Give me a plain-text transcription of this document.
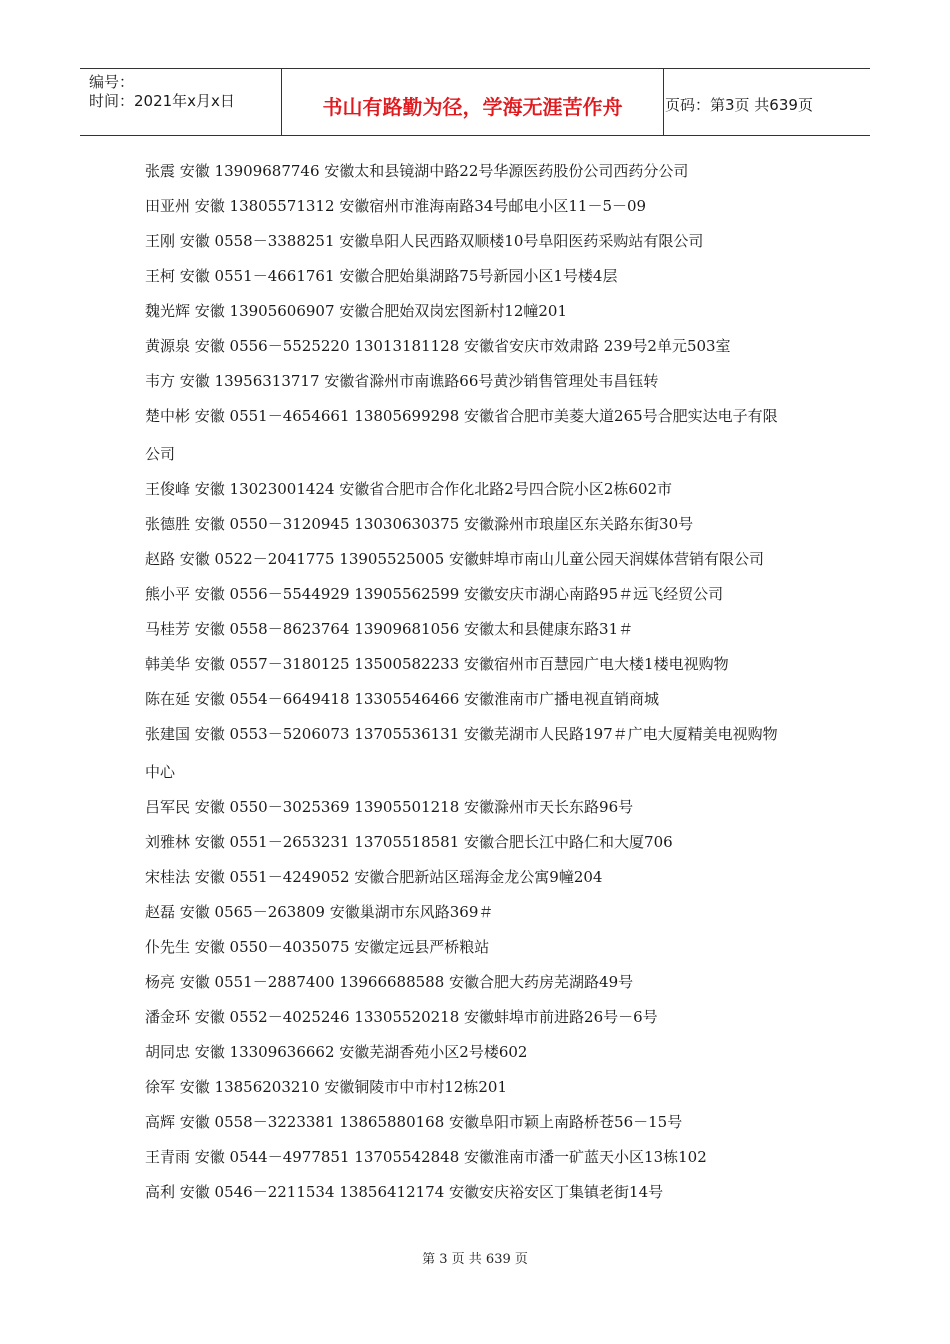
编号：
时间：2021年x月x日	书山有路勤为径，学海无涯苦作舟	页码：第3页 共639页
张震 安徽 13909687746 安徽太和县镜湖中路22号华源医药股份公司西药分公司
田亚州 安徽 13805571312 安徽宿州市淮海南路34号邮电小区11－5－09
王刚 安徽 0558－3388251 安徽阜阳人民西路双顺楼10号阜阳医药采购站有限公司
王柯 安徽 0551－4661761 安徽合肥始巢湖路75号新园小区1号楼4层
魏光辉 安徽 13905606907 安徽合肥始双岗宏图新村12幢201
黄源泉 安徽 0556－5525220 13013181128 安徽省安庆市效肃路 239号2单元503室
韦方 安徽 13956313717 安徽省滁州市南谯路66号黄沙销售管理处韦昌钰转
楚中彬 安徽 0551－4654661 13805699298 安徽省合肥市美菱大道265号合肥实达电子有限
公司
王俊峰 安徽 13023001424 安徽省合肥市合作化北路2号四合院小区2栋602市
张德胜 安徽 0550－3120945 13030630375 安徽滁州市琅崖区东关路东街30号
赵路 安徽 0522－2041775 13905525005 安徽蚌埠市南山儿童公园天润媒体营销有限公司
熊小平 安徽 0556－5544929 13905562599 安徽安庆市湖心南路95＃远飞经贸公司
马桂芳 安徽 0558－8623764 13909681056 安徽太和县健康东路31＃
韩美华 安徽 0557－3180125 13500582233 安徽宿州市百慧园广电大楼1楼电视购物
陈在延 安徽 0554－6649418 13305546466 安徽淮南市广播电视直销商城
张建国 安徽 0553－5206073 13705536131 安徽芜湖市人民路197＃广电大厦精美电视购物
中心
吕军民 安徽 0550－3025369 13905501218 安徽滁州市天长东路96号
刘雅林 安徽 0551－2653231 13705518581 安徽合肥长江中路仁和大厦706
宋桂法 安徽 0551－4249052 安徽合肥新站区瑶海金龙公寓9幢204
赵磊 安徽 0565－263809 安徽巢湖市东风路369＃
仆先生 安徽 0550－4035075 安徽定远县严桥粮站
杨亮 安徽 0551－2887400 13966688588 安徽合肥大药房芜湖路49号
潘金环 安徽 0552－4025246 13305520218 安徽蚌埠市前进路26号－6号
胡同忠 安徽 13309636662 安徽芜湖香苑小区2号楼602
徐军 安徽 13856203210 安徽铜陵市中市村12栋201
高辉 安徽 0558－3223381 13865880168 安徽阜阳市颖上南路桥苍56－15号
王青雨 安徽 0544－4977851 13705542848 安徽淮南市潘一矿蓝天小区13栋102
高利 安徽 0546－2211534 13856412174 安徽安庆裕安区丁集镇老街14号
第 3 页 共 639 页
